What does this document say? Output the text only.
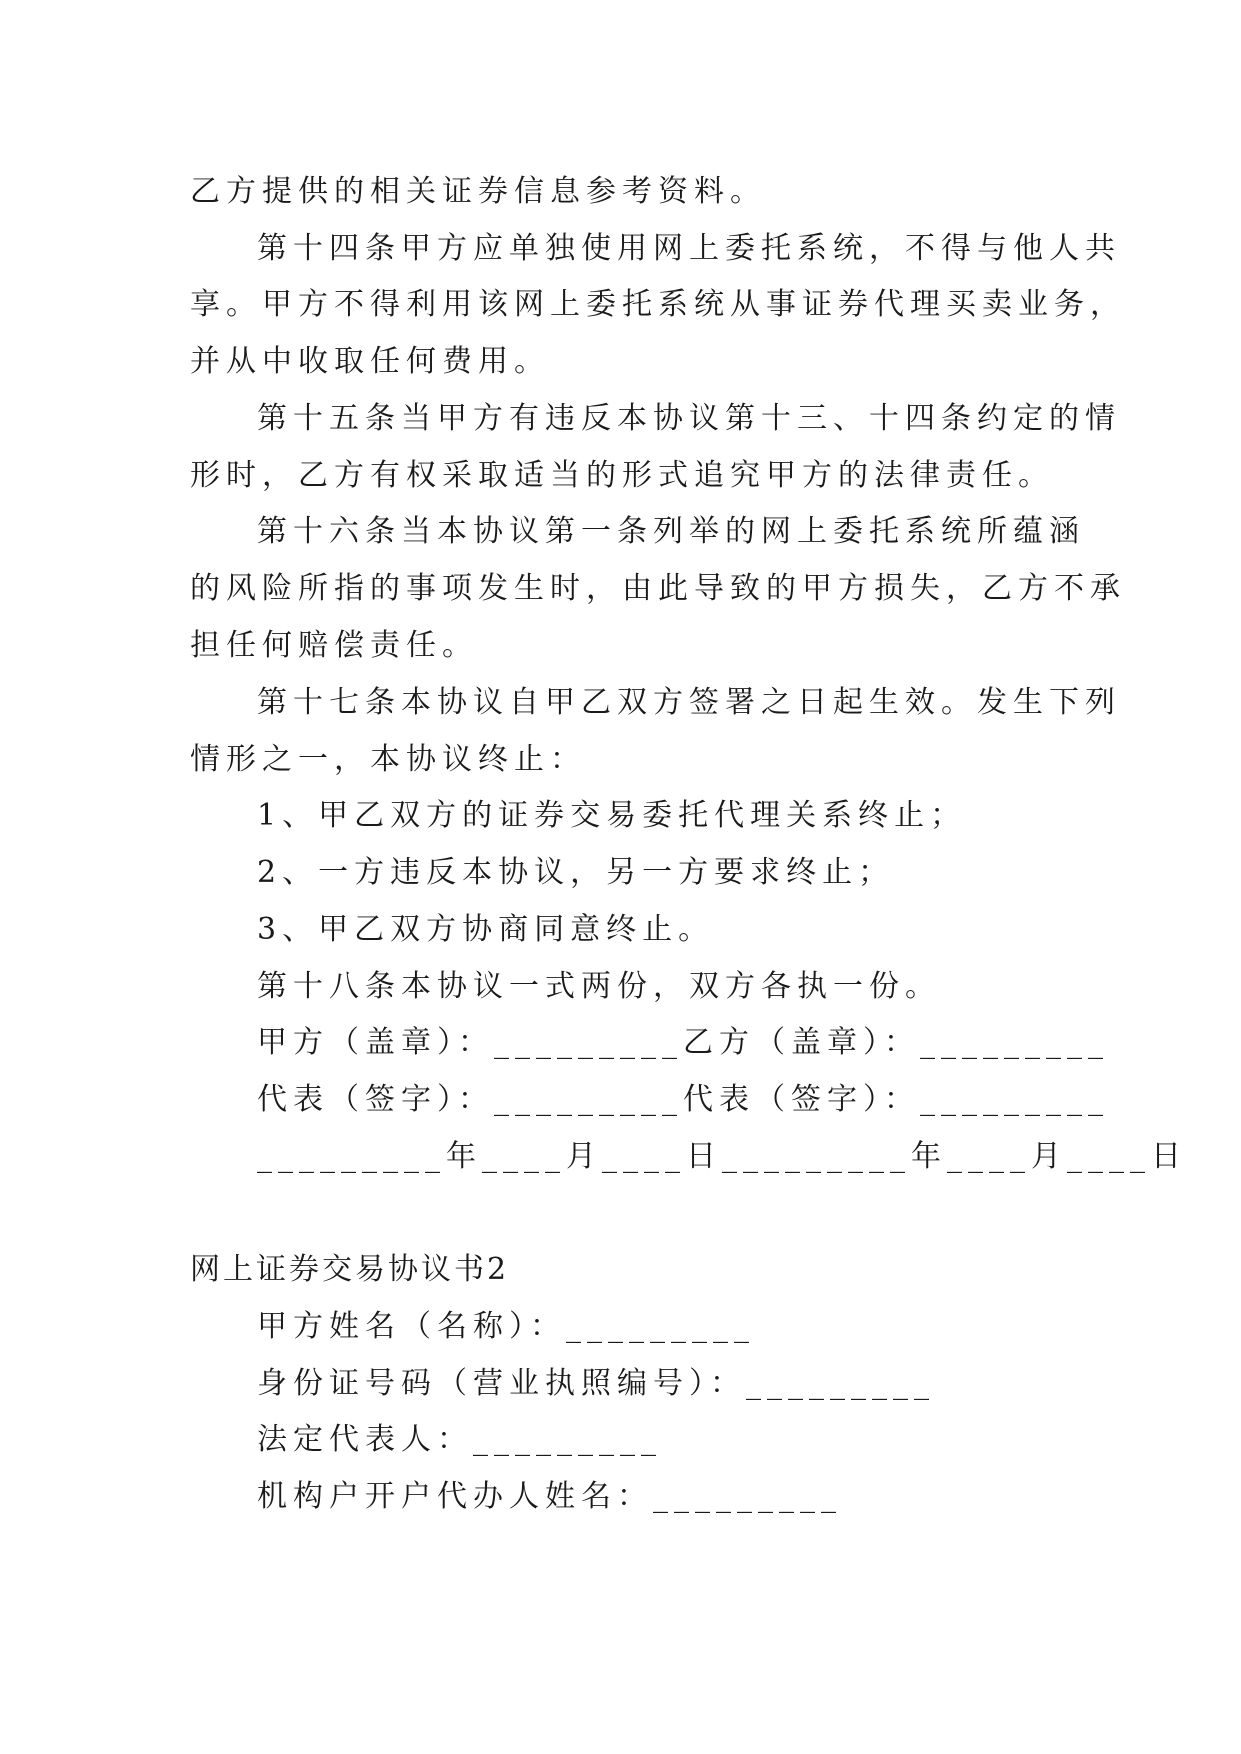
乙方提供的相关证券信息参考资料。

第十四条甲方应单独使用网上委托系统，不得与他人共

享。甲方不得利用该网上委托系统从事证券代理买卖业务，

并从中收取任何费用。

第十五条当甲方有违反本协议第十三、十四条约定的情

形时，乙方有权采取适当的形式追究甲方的法律责任。

第十六条当本协议第一条列举的网上委托系统所蕴涵

的风险所指的事项发生时，由此导致的甲方损失，乙方不承

担任何赔偿责任。

第十七条本协议自甲乙双方签署之日起生效。发生下列

情形之一，本协议终止：

1、甲乙双方的证券交易委托代理关系终止；

2、一方违反本协议，另一方要求终止；

3、甲乙双方协商同意终止。

第十八条本协议一式两份，双方各执一份。

甲方（盖章）：_________乙方（盖章）：_________

代表（签字）：_________代表（签字）：_________

_________年____月____日_________年____月____日

网上证券交易协议书2

甲方姓名（名称）：_________

身份证号码（营业执照编号）：_________

法定代表人：_________

机构户开户代办人姓名：_________
